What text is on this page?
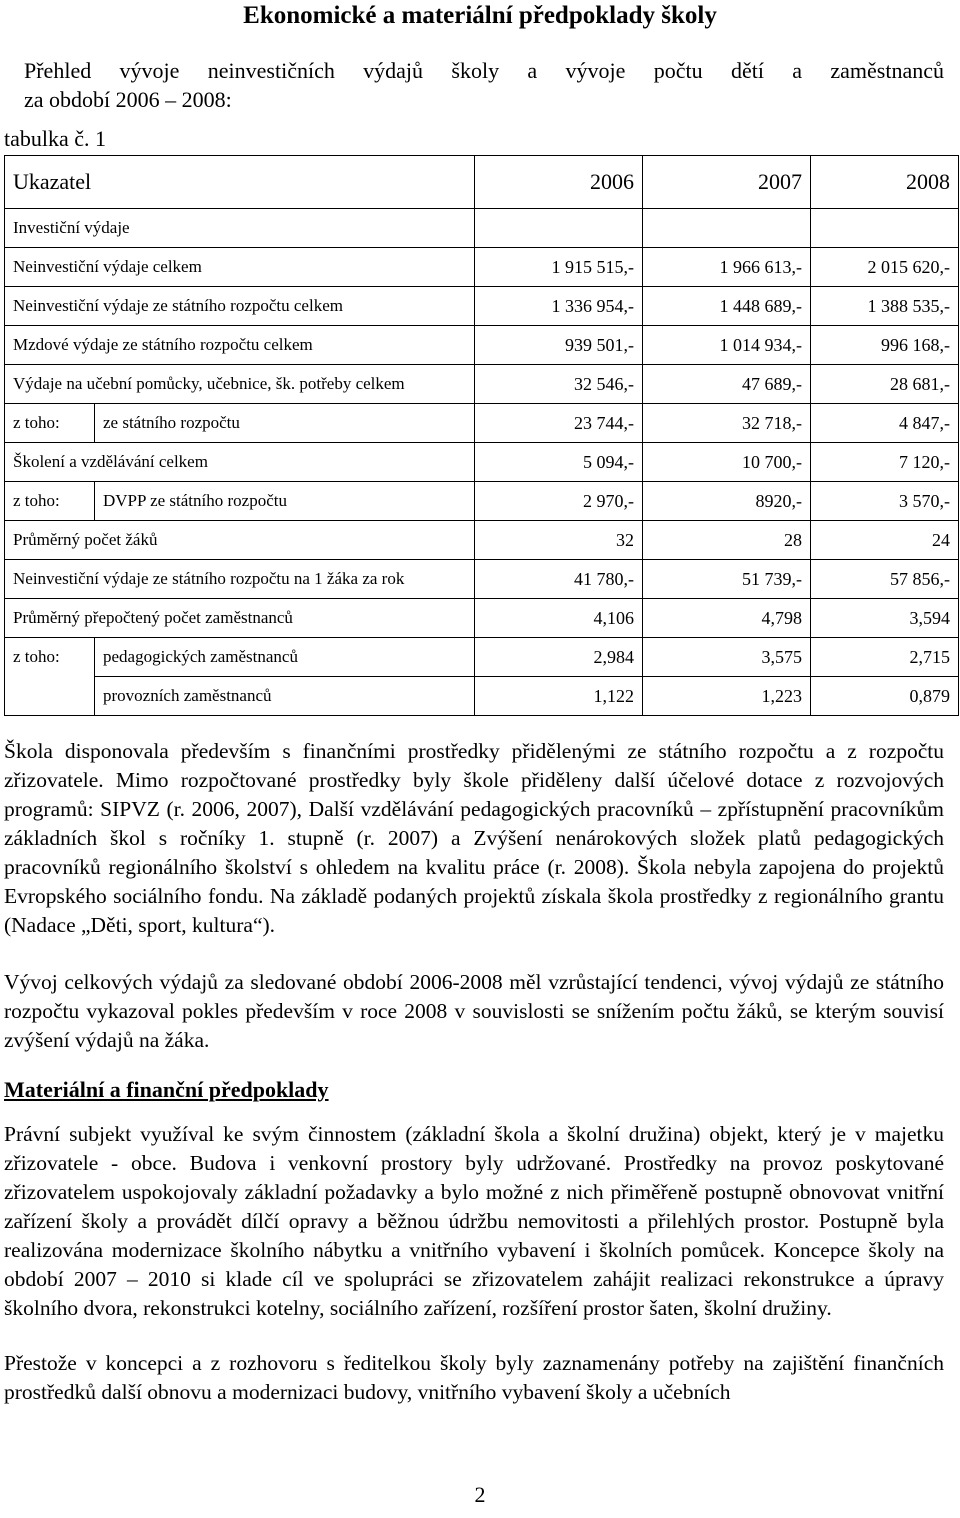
Ekonomické a materiální předpoklady školy
Přehled vývoje neinvestičních výdajů školy a vývoje počtu dětí a zaměstnanců
za období 2006 – 2008:
tabulka č. 1
Ukazatel		2006	2007	2008
Investiční výdaje				
Neinvestiční výdaje celkem		1 915 515,-	1 966 613,-	2 015 620,-
Neinvestiční výdaje ze státního rozpočtu celkem		1 336 954,-	1 448 689,-	1 388 535,-
Mzdové výdaje ze státního rozpočtu celkem		939 501,-	1 014 934,-	996 168,-
Výdaje na učební pomůcky, učebnice, šk. potřeby celkem		32 546,-	47 689,-	28 681,-
z toho:	ze státního rozpočtu	23 744,-	32 718,-	4 847,-
Školení a vzdělávání celkem		5 094,-	10 700,-	7 120,-
z toho:	DVPP ze státního rozpočtu	2 970,-	8920,-	3 570,-
Průměrný počet žáků		32	28	24
Neinvestiční výdaje ze státního rozpočtu na 1 žáka za rok		41 780,-	51 739,-	57 856,-
Průměrný přepočtený počet zaměstnanců		4,106	4,798	3,594
z toho:	pedagogických zaměstnanců	2,984	3,575	2,715
	provozních zaměstnanců	1,122	1,223	0,879
Škola disponovala především s finančními prostředky přidělenými ze státního rozpočtu a z rozpočtu zřizovatele. Mimo rozpočtované prostředky byly škole přiděleny další účelové dotace z rozvojových programů: SIPVZ (r. 2006, 2007), Další vzdělávání pedagogických pracovníků – zpřístupnění pracovníkům základních škol s ročníky 1. stupně (r. 2007) a Zvýšení nenárokových složek platů pedagogických pracovníků regionálního školství s ohledem na kvalitu práce (r. 2008). Škola nebyla zapojena do projektů Evropského sociálního fondu. Na základě podaných projektů získala škola prostředky z regionálního grantu (Nadace „Děti, sport, kultura“).
Vývoj celkových výdajů za sledované období 2006-2008 měl vzrůstající tendenci, vývoj výdajů ze státního rozpočtu vykazoval pokles především v roce 2008 v souvislosti se snížením počtu žáků, se kterým souvisí zvýšení výdajů na žáka.
Materiální a finanční předpoklady
Právní subjekt využíval ke svým činnostem (základní škola a školní družina) objekt, který je v majetku zřizovatele - obce. Budova i venkovní prostory byly udržované. Prostředky na provoz poskytované zřizovatelem uspokojovaly základní požadavky a bylo možné z nich přiměřeně postupně obnovovat vnitřní zařízení školy a provádět dílčí opravy a běžnou údržbu nemovitosti a přilehlých prostor. Postupně byla realizována modernizace školního nábytku a vnitřního vybavení i školních pomůcek. Koncepce školy na období 2007 – 2010 si klade cíl ve spolupráci se zřizovatelem zahájit realizaci rekonstrukce a úpravy školního dvora, rekonstrukci kotelny, sociálního zařízení, rozšíření prostor šaten, školní družiny.
Přestože v koncepci a z rozhovoru s ředitelkou školy byly zaznamenány potřeby na zajištění finančních prostředků další obnovu a modernizaci budovy, vnitřního vybavení školy a učebních
2
